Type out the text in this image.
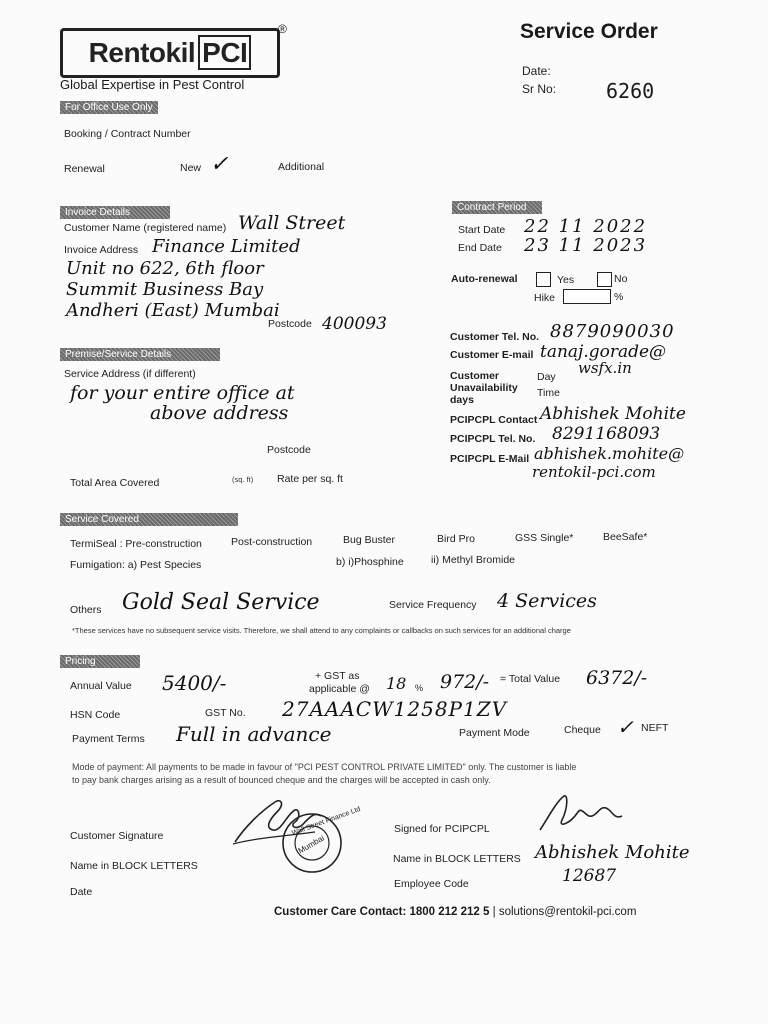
Rentokil PCI
®
Global Expertise in Pest Control
Service Order
Date:
Sr No: 6260
For Office Use Only
Booking / Contract Number
Renewal	New ✓	Additional
Invoice Details
Customer Name (registered name) Wall Street
Invoice Address Finance Limited
Unit no 622, 6th floor
Summit Business Bay
Andheri (East) Mumbai
Postcode 400093
Contract Period
Start Date 22 11 2022
End Date 23 11 2023
Auto-renewal	Yes	No
Hike	%
Customer Tel. No. 8879090030
Customer E-mail tanaj.gorade@
wsfx.in
Customer
Unavailability
days
Day
Time
PCIPCPL Contact Abhishek Mohite
PCIPCPL Tel. No. 8291168093
PCIPCPL E-Mail abhishek.mohite@
rentokil-pci.com
Premise/Service Details
Service Address (if different)
for your entire office at
above address
Postcode
Total Area Covered	(sq. ft) Rate per sq. ft
Service Covered
TermiSeal : Pre-construction	Post-construction	Bug Buster	Bird Pro	GSS Single*	BeeSafe*
Fumigation: a) Pest Species	b) i)Phosphine	ii) Methyl Bromide
Others Gold Seal Service	Service Frequency 4 Services
*These services have no subsequent service visits. Therefore, we shall attend to any complaints or callbacks on such services for an additional charge
Pricing
Annual Value 5400/-	+ GST as
applicable @ 18 % 972/- = Total Value 6372/-
HSN Code	GST No. 27AAACW1258P1ZV
Payment Terms Full in advance	Payment Mode	Cheque ✓ NEFT
Mode of payment: All payments to be made in favour of "PCI PEST CONTROL PRIVATE LIMITED" only. The customer is liable
to pay bank charges arising as a result of bounced cheque and the charges will be accepted in cash only.
Customer Signature	Wall Street Finance Ltd
Mumbai
Name in BLOCK LETTERS
Date
Signed for PCIPCPL
Name in BLOCK LETTERS Abhishek Mohite
Employee Code	12687
Customer Care Contact: 1800 212 212 5 | solutions@rentokil-pci.com
